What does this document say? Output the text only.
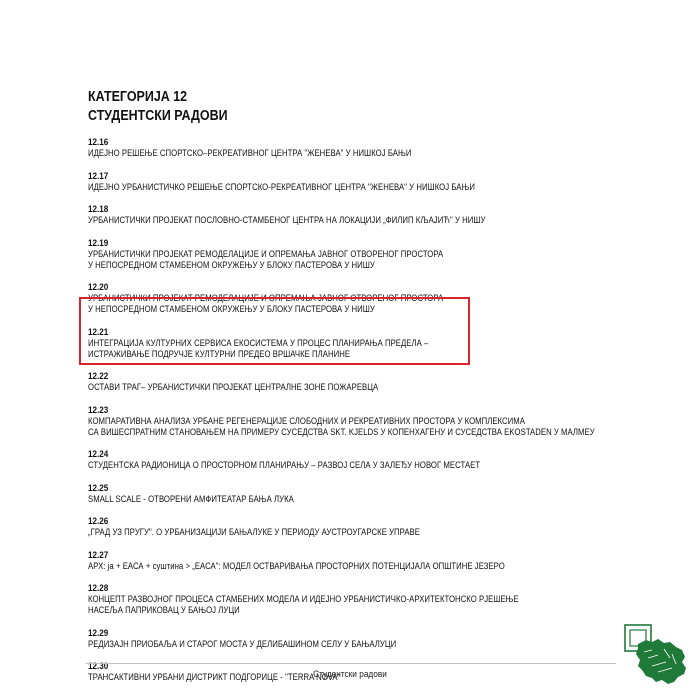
КАТЕГОРИЈА 12
СТУДЕНТСКИ РАДОВИ
12.16
ИДЕЈНО РЕШЕЊЕ СПОРТСКО–РЕКРЕАТИВНОГ ЦЕНТРА "ЖЕНЕВА" У НИШКОЈ БАЊИ
12.17
ИДЕЈНО УРБАНИСТИЧКО РЕШЕЊЕ СПОРТСКО-РЕКРЕАТИВНОГ ЦЕНТРА "ЖЕНЕВА" У НИШКОЈ БАЊИ
12.18
УРБАНИСТИЧКИ ПРОЈЕКАТ ПОСЛОВНО-СТАМБЕНОГ ЦЕНТРА НА ЛОКАЦИЈИ „ФИЛИП КЉАЈИЋ" У НИШУ
12.19
УРБАНИСТИЧКИ ПРОЈЕКАТ РЕМОДЕЛАЦИЈЕ И ОПРЕМАЊА ЈАВНОГ ОТВОРЕНОГ ПРОСТОРА
У НЕПОСРЕДНОМ СТАМБЕНОМ ОКРУЖЕЊУ У БЛОКУ ПАСТЕРОВА У НИШУ
12.20
УРБАНИСТИЧКИ ПРОЈЕКАТ РЕМОДЕЛАЦИЈЕ И ОПРЕМАЊА ЈАВНОГ ОТВОРЕНОГ ПРОСТОРА
У НЕПОСРЕДНОМ СТАМБЕНОМ ОКРУЖЕЊУ У БЛОКУ ПАСТЕРОВА У НИШУ
12.21
ИНТЕГРАЦИЈА КУЛТУРНИХ СЕРВИСА ЕКОСИСТЕМА У ПРОЦЕС ПЛАНИРАЊА ПРЕДЕЛА –
ИСТРАЖИВАЊЕ ПОДРУЧЈЕ КУЛТУРНИ ПРЕДЕО ВРШАЧКЕ ПЛАНИНЕ
12.22
ОСТАВИ ТРАГ– УРБАНИСТИЧКИ ПРОЈЕКАТ ЦЕНТРАЛНЕ ЗОНЕ ПОЖАРЕВЦА
12.23
КОМПАРАТИВНА АНАЛИЗА УРБАНЕ РЕГЕНЕРАЦИЈЕ СЛОБОДНИХ И РЕКРЕАТИВНИХ ПРОСТОРА У КОМПЛЕКСИМА
СА ВИШЕСПРАТНИМ СТАНОВАЊЕМ НА ПРИМЕРУ СУСЕДСТВА SKT. KJELDS У КОПЕНХАГЕНУ И СУСЕДСТВА EKOSTADEN У МАЛМЕУ
12.24
СТУДЕНТСКА РАДИОНИЦА О ПРОСТОРНОМ ПЛАНИРАЊУ – РАЗВОЈ СЕЛА У ЗАЛЕЂУ НОВОГ МЕСТАЕТ
12.25
SMALL SCALE - ОТВОРЕНИ АМФИТЕАТАР БАЊА ЛУКА
12.26
„ГРАД УЗ ПРУГУ". О УРБАНИЗАЦИЈИ БАЊАЛУКЕ У ПЕРИОДУ АУСТРОУГАРСКЕ УПРАВЕ
12.27
АРХ: ја + ЕАСА + суштина > „ЕАСА": МОДЕЛ ОСТВАРИВАЊА ПРОСТОРНИХ ПОТЕНЦИЈАЛА ОПШТИНЕ ЈЕЗЕРО
12.28
КОНЦЕПТ РАЗВОЈНОГ ПРОЦЕСА СТАМБЕНИХ МОДЕЛА И ИДЕЈНО УРБАНИСТИЧКО-АРХИТЕКТОНСКО РЈЕШЕЊЕ
НАСЕЉА ПАПРИКОВАЦ У БАЊОЈ ЛУЦИ
12.29
РЕДИЗАЈН ПРИОБАЉА И СТАРОГ МОСТА У ДЕЛИБАШИНОМ СЕЛУ У БАЊАЛУЦИ
12.30
ТРАНСАКТИВНИ УРБАНИ ДИСТРИКТ ПОДГОРИЦЕ - "TERRA NOVA"
Студентски радови
